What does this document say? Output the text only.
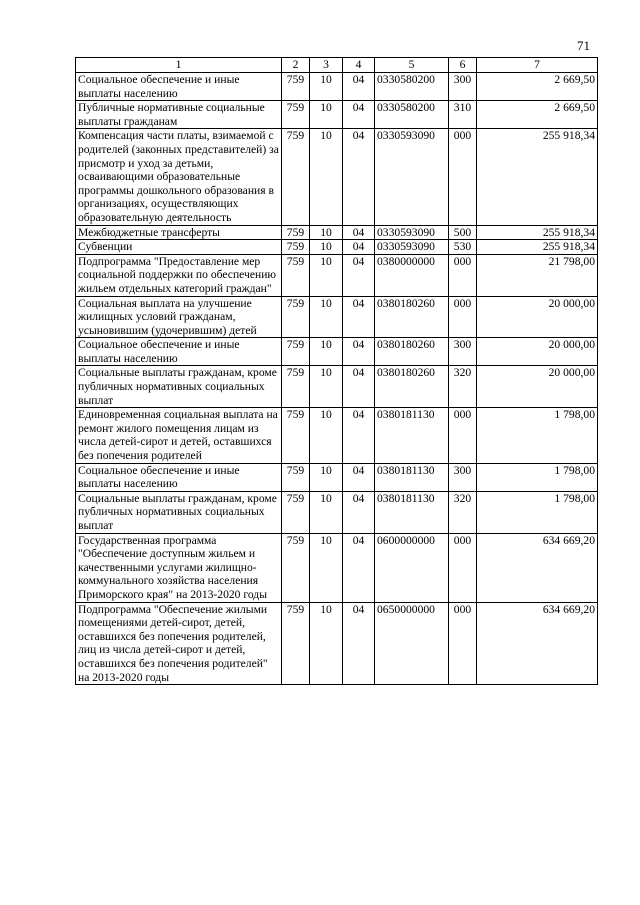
71
1	2	3	4	5	6	7
Социальное обеспечение и иные выплаты населению	759	10	04	0330580200	300	2 669,50
Публичные нормативные социальные выплаты гражданам	759	10	04	0330580200	310	2 669,50
Компенсация части платы, взимаемой с родителей (законных представителей) за присмотр и уход за детьми, осваивающими образовательные программы дошкольного образования в организациях, осуществляющих образовательную деятельность	759	10	04	0330593090	000	255 918,34
Межбюджетные трансферты	759	10	04	0330593090	500	255 918,34
Субвенции	759	10	04	0330593090	530	255 918,34
Подпрограмма "Предоставление мер социальной поддержки по обеспечению жильем отдельных категорий граждан"	759	10	04	0380000000	000	21 798,00
Социальная выплата на улучшение жилищных условий гражданам, усыновившим (удочерившим) детей	759	10	04	0380180260	000	20 000,00
Социальное обеспечение и иные выплаты населению	759	10	04	0380180260	300	20 000,00
Социальные выплаты гражданам, кроме публичных нормативных социальных выплат	759	10	04	0380180260	320	20 000,00
Единовременная социальная выплата на ремонт жилого помещения лицам из числа детей-сирот и детей, оставшихся без попечения родителей	759	10	04	0380181130	000	1 798,00
Социальное обеспечение и иные выплаты населению	759	10	04	0380181130	300	1 798,00
Социальные выплаты гражданам, кроме публичных нормативных социальных выплат	759	10	04	0380181130	320	1 798,00
Государственная программа "Обеспечение доступным жильем и качественными услугами жилищно-коммунального хозяйства населения Приморского края" на 2013-2020 годы	759	10	04	0600000000	000	634 669,20
Подпрограмма "Обеспечение жилыми помещениями детей-сирот, детей, оставшихся без попечения родителей, лиц из числа детей-сирот и детей, оставшихся без попечения родителей" на 2013-2020 годы	759	10	04	0650000000	000	634 669,20
